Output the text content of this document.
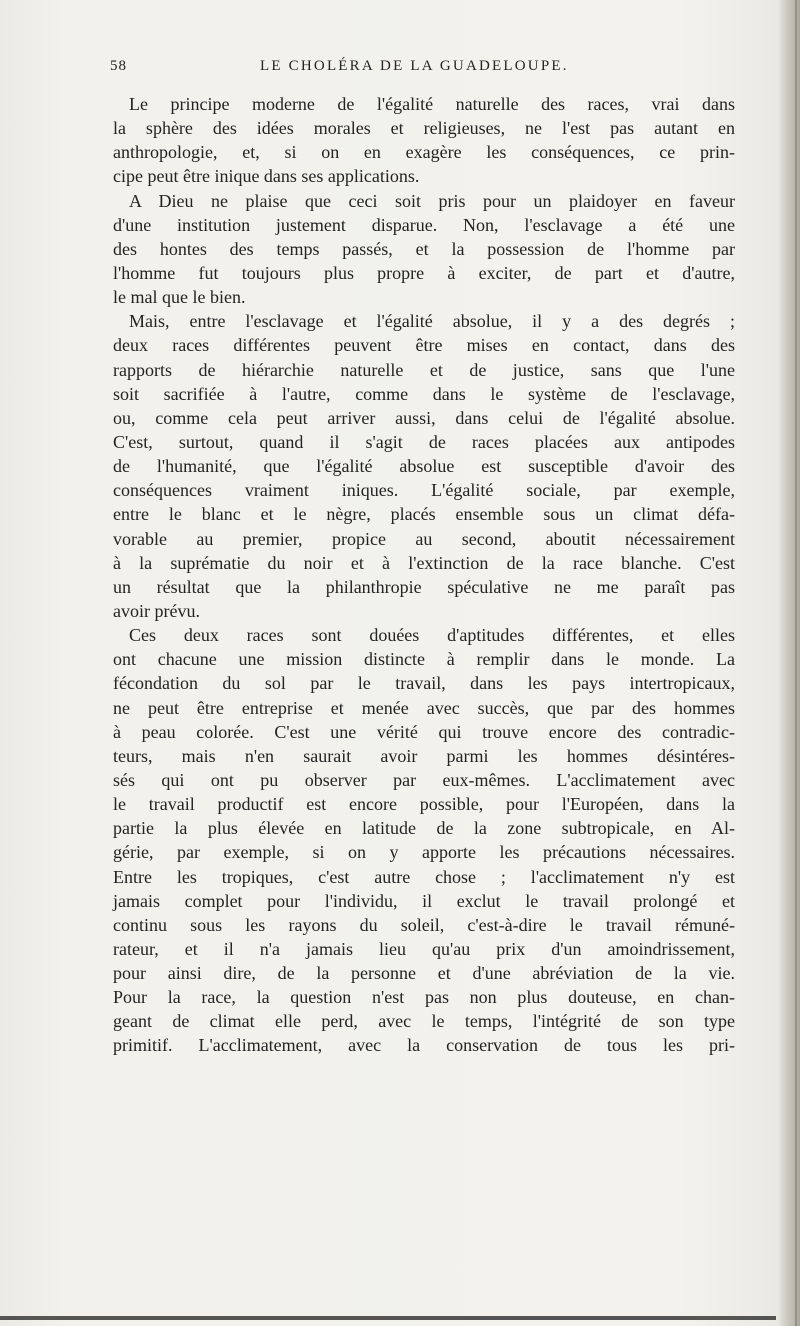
58	LE CHOLÉRA DE LA GUADELOUPE.
Le principe moderne de l'égalité naturelle des races, vrai dans
la sphère des idées morales et religieuses, ne l'est pas autant en
anthropologie, et, si on en exagère les conséquences, ce prin-
cipe peut être inique dans ses applications.
A Dieu ne plaise que ceci soit pris pour un plaidoyer en faveur
d'une institution justement disparue. Non, l'esclavage a été une
des hontes des temps passés, et la possession de l'homme par
l'homme fut toujours plus propre à exciter, de part et d'autre,
le mal que le bien.
Mais, entre l'esclavage et l'égalité absolue, il y a des degrés ;
deux races différentes peuvent être mises en contact, dans des
rapports de hiérarchie naturelle et de justice, sans que l'une
soit sacrifiée à l'autre, comme dans le système de l'esclavage,
ou, comme cela peut arriver aussi, dans celui de l'égalité absolue.
C'est, surtout, quand il s'agit de races placées aux antipodes
de l'humanité, que l'égalité absolue est susceptible d'avoir des
conséquences vraiment iniques. L'égalité sociale, par exemple,
entre le blanc et le nègre, placés ensemble sous un climat défa-
vorable au premier, propice au second, aboutit nécessairement
à la suprématie du noir et à l'extinction de la race blanche. C'est
un résultat que la philanthropie spéculative ne me paraît pas
avoir prévu.
Ces deux races sont douées d'aptitudes différentes, et elles
ont chacune une mission distincte à remplir dans le monde. La
fécondation du sol par le travail, dans les pays intertropicaux,
ne peut être entreprise et menée avec succès, que par des hommes
à peau colorée. C'est une vérité qui trouve encore des contradic-
teurs, mais n'en saurait avoir parmi les hommes désintéres-
sés qui ont pu observer par eux-mêmes. L'acclimatement avec
le travail productif est encore possible, pour l'Européen, dans la
partie la plus élevée en latitude de la zone subtropicale, en Al-
gérie, par exemple, si on y apporte les précautions nécessaires.
Entre les tropiques, c'est autre chose ; l'acclimatement n'y est
jamais complet pour l'individu, il exclut le travail prolongé et
continu sous les rayons du soleil, c'est-à-dire le travail rémuné-
rateur, et il n'a jamais lieu qu'au prix d'un amoindrissement,
pour ainsi dire, de la personne et d'une abréviation de la vie.
Pour la race, la question n'est pas non plus douteuse, en chan-
geant de climat elle perd, avec le temps, l'intégrité de son type
primitif. L'acclimatement, avec la conservation de tous les pri-
